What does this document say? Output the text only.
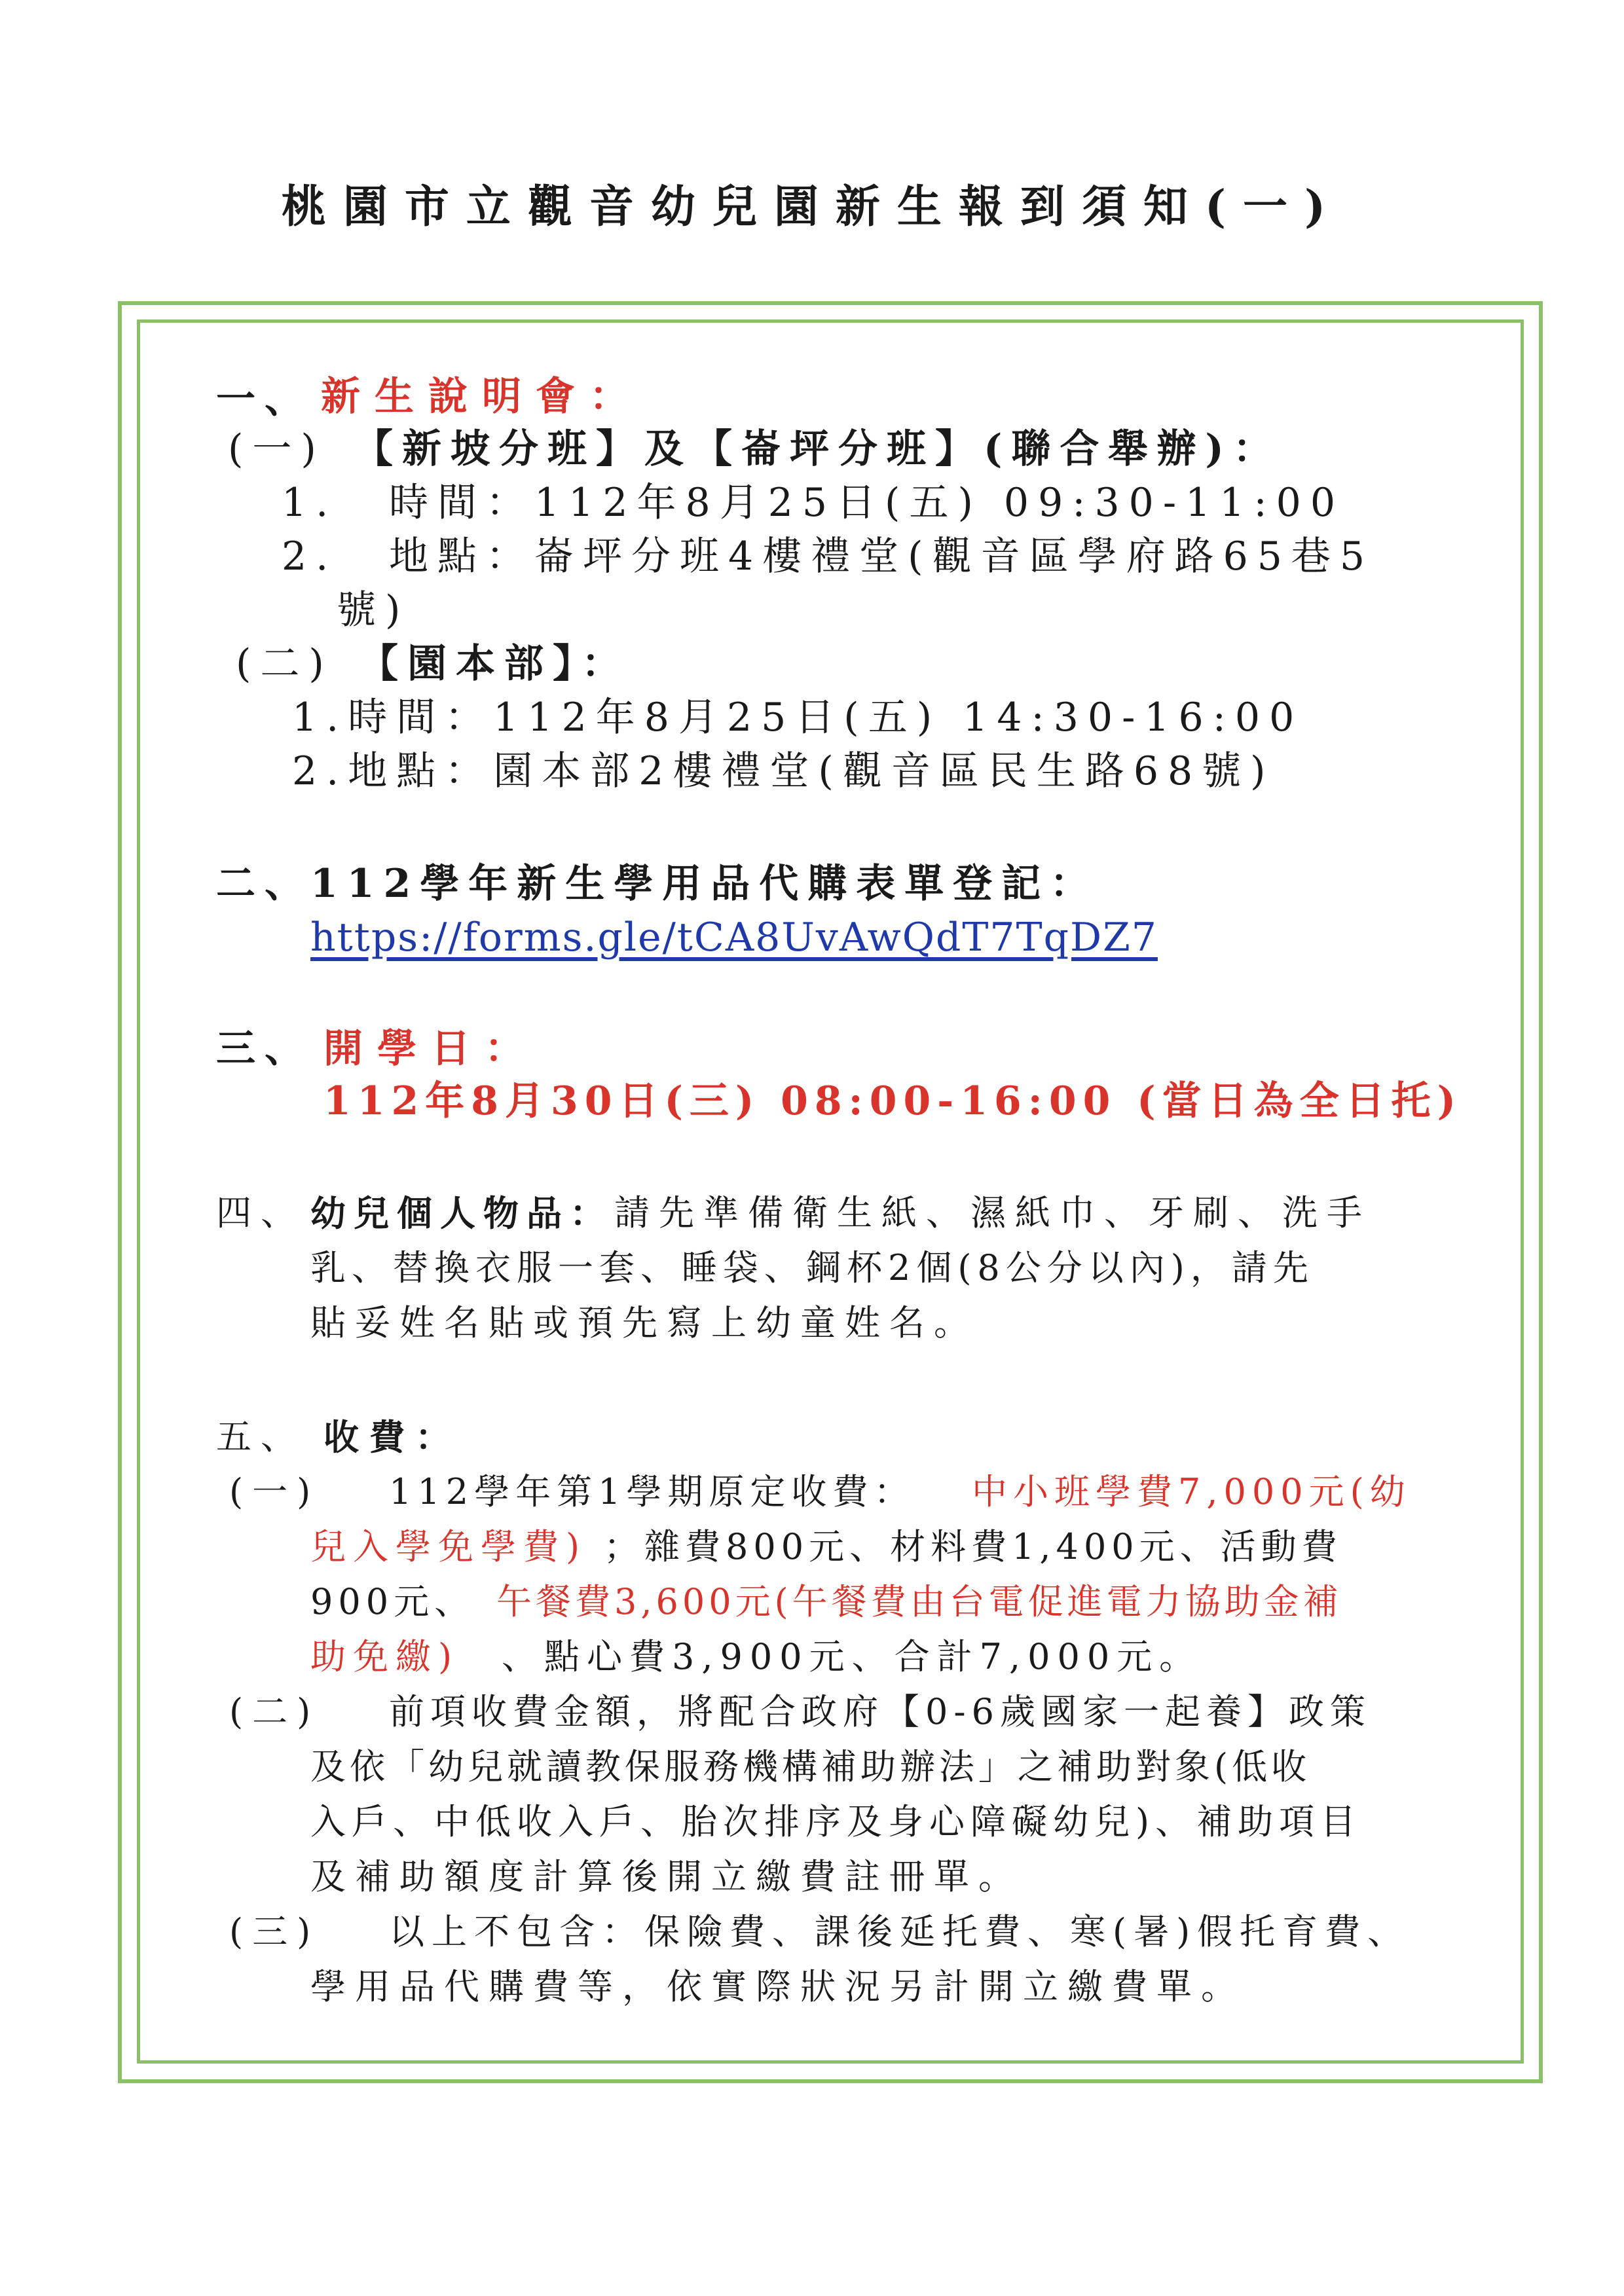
桃園市立觀音幼兒園新生報到須知(一)
一、 新生說明會：
(一) 【新坡分班】及【崙坪分班】(聯合舉辦)：
1. 時間：112年8月25日(五) 09:30-11:00
2. 地點：崙坪分班4樓禮堂(觀音區學府路65巷5
號)
(二) 【園本部】：
1.時間：112年8月25日(五) 14:30-16:00
2.地點：園本部2樓禮堂(觀音區民生路68號)
二、
112學年新生學用品代購表單登記：
https://forms.gle/tCA8UvAwQdT7TqDZ7
三、 開學日：
112年8月30日(三) 08:00-16:00 (當日為全日托)
四、 幼兒個人物品： 請先準備衛生紙、濕紙巾、牙刷、洗手
乳、替換衣服一套、睡袋、鋼杯2個(8公分以內)，請先
貼妥姓名貼或預先寫上幼童姓名。
五、 收費：
(一) 112學年第1學期原定收費： 中小班學費7,000元(幼
兒入學免學費) ；雜費800元、材料費1,400元、活動費
900元、 午餐費3,600元(午餐費由台電促進電力協助金補
助免繳) 、點心費3,900元、合計7,000元。
(二) 前項收費金額，將配合政府【0-6歲國家一起養】政策
及依「幼兒就讀教保服務機構補助辦法」之補助對象(低收
入戶、中低收入戶、胎次排序及身心障礙幼兒)、補助項目
及補助額度計算後開立繳費註冊單。
(三) 以上不包含：保險費、課後延托費、寒(暑)假托育費、
學用品代購費等，依實際狀況另計開立繳費單。
